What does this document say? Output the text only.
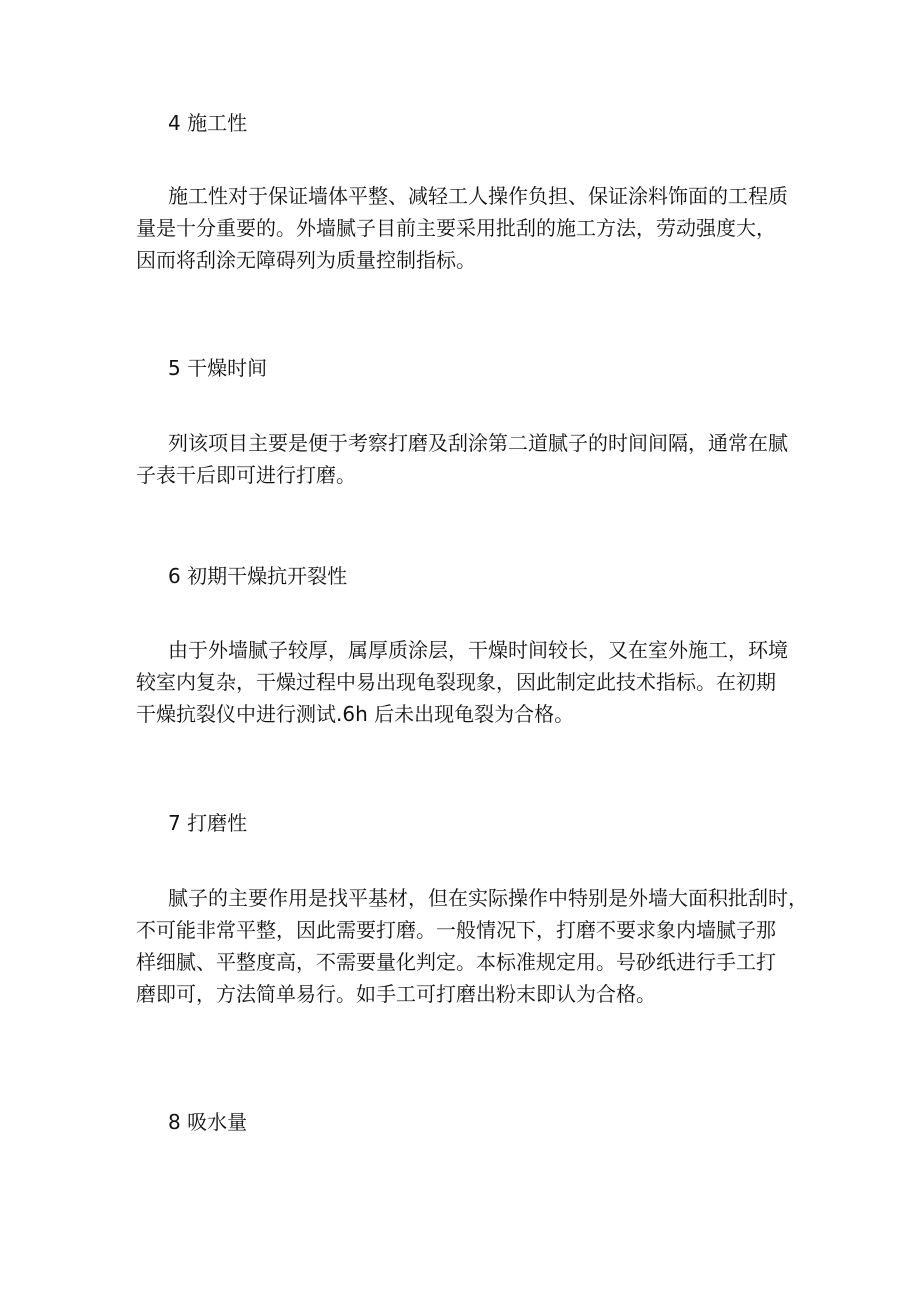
4 施工性
施工性对于保证墙体平整、减轻工人操作负担、保证涂料饰面的工程质
量是十分重要的。外墙腻子目前主要采用批刮的施工方法，劳动强度大，
因而将刮涂无障碍列为质量控制指标。
5 干燥时间
列该项目主要是便于考察打磨及刮涂第二道腻子的时间间隔，通常在腻
子表干后即可进行打磨。
6 初期干燥抗开裂性
由于外墙腻子较厚，属厚质涂层，干燥时间较长，又在室外施工，环境
较室内复杂，干燥过程中易出现龟裂现象，因此制定此技术指标。在初期
干燥抗裂仪中进行测试.6h 后未出现龟裂为合格。
7 打磨性
腻子的主要作用是找平基材，但在实际操作中特别是外墙大面积批刮时，
不可能非常平整，因此需要打磨。一般情况下，打磨不要求象内墙腻子那
样细腻、平整度高，不需要量化判定。本标准规定用。号砂纸进行手工打
磨即可，方法简单易行。如手工可打磨出粉末即认为合格。
8 吸水量
